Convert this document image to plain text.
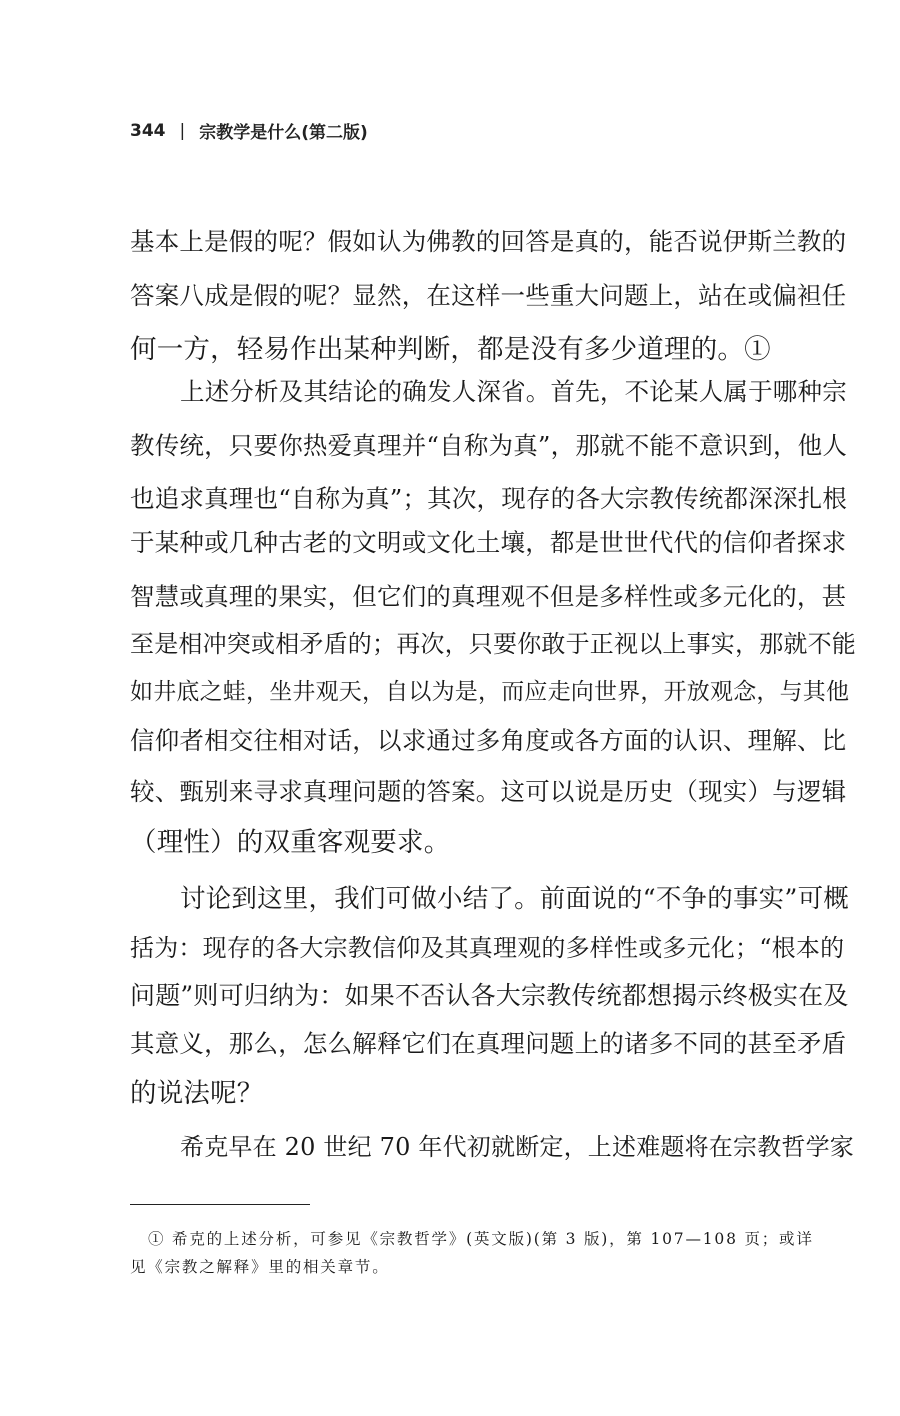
344 | 宗教学是什么(第二版)
基本上是假的呢？假如认为佛教的回答是真的，能否说伊斯兰教的
答案八成是假的呢？显然，在这样一些重大问题上，站在或偏袒任
何一方，轻易作出某种判断，都是没有多少道理的。①
上述分析及其结论的确发人深省。首先，不论某人属于哪种宗
教传统，只要你热爱真理并“自称为真”，那就不能不意识到，他人
也追求真理也“自称为真”；其次，现存的各大宗教传统都深深扎根
于某种或几种古老的文明或文化土壤，都是世世代代的信仰者探求
智慧或真理的果实，但它们的真理观不但是多样性或多元化的，甚
至是相冲突或相矛盾的；再次，只要你敢于正视以上事实，那就不能
如井底之蛙，坐井观天，自以为是，而应走向世界，开放观念，与其他
信仰者相交往相对话，以求通过多角度或各方面的认识、理解、比
较、甄别来寻求真理问题的答案。这可以说是历史（现实）与逻辑
（理性）的双重客观要求。
讨论到这里，我们可做小结了。前面说的“不争的事实”可概
括为：现存的各大宗教信仰及其真理观的多样性或多元化；“根本的
问题”则可归纳为：如果不否认各大宗教传统都想揭示终极实在及
其意义，那么，怎么解释它们在真理问题上的诸多不同的甚至矛盾
的说法呢？
希克早在 20 世纪 70 年代初就断定，上述难题将在宗教哲学家
① 希克的上述分析，可参见《宗教哲学》(英文版)(第 3 版)，第 107—108 页；或详
见《宗教之解释》里的相关章节。
